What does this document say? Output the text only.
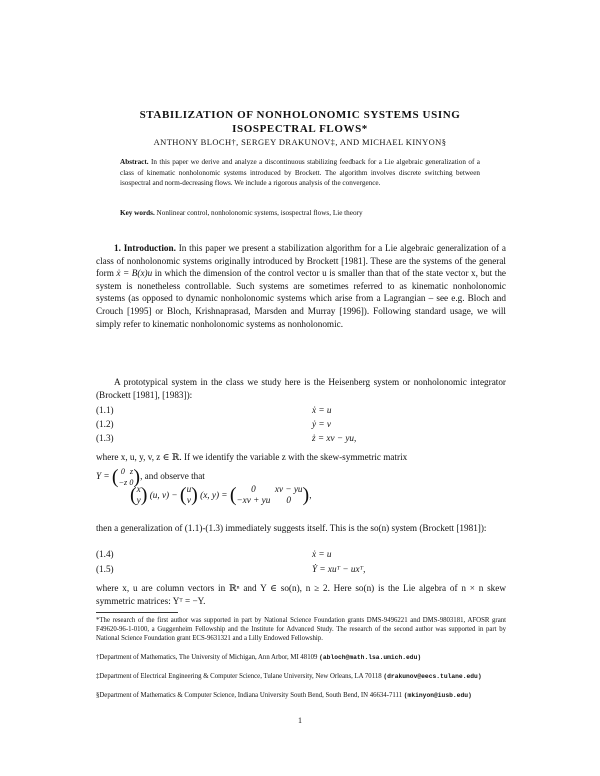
STABILIZATION OF NONHOLONOMIC SYSTEMS USING
ISOSPECTRAL FLOWS*
ANTHONY BLOCH†, SERGEY DRAKUNOV‡, AND MICHAEL KINYON§
Abstract. In this paper we derive and analyze a discontinuous stabilizing feedback for a Lie algebraic generalization of a class of kinematic nonholonomic systems introduced by Brockett. The algorithm involves discrete switching between isospectral and norm-decreasing flows. We include a rigorous analysis of the convergence.
Key words. Nonlinear control, nonholonomic systems, isospectral flows, Lie theory
1. Introduction. In this paper we present a stabilization algorithm for a Lie algebraic generalization of a class of nonholonomic systems originally introduced by Brockett [1981]. These are the systems of the general form ẋ = B(x)u in which the dimension of the control vector u is smaller than that of the state vector x, but the system is nonetheless controllable. Such systems are sometimes referred to as kinematic nonholonomic systems (as opposed to dynamic nonholonomic systems which arise from a Lagrangian – see e.g. Bloch and Crouch [1995] or Bloch, Krishnaprasad, Marsden and Murray [1996]). Following standard usage, we will simply refer to kinematic nonholonomic systems as nonholonomic.
A prototypical system in the class we study here is the Heisenberg system or nonholonomic integrator (Brockett [1981], [1983]):
(1.1)	ẋ = u
(1.2)	ẏ = v
(1.3)	ż = xv − yu,
where x, u, y, v, z ∈ ℝ. If we identify the variable z with the skew-symmetric matrix
Y = ( 0
−z z
0), and observe that
(x
y) (u, v) − (u
v) (x, y) = ( 0
−xv + yu  xv − yu
0 ),
then a generalization of (1.1)-(1.3) immediately suggests itself. This is the so(n) system (Brockett [1981]):
(1.4)	ẋ = u
(1.5)	Ẏ = xuᵀ − uxᵀ,
where x, u are column vectors in ℝⁿ and Y ∈ so(n), n ≥ 2. Here so(n) is the Lie algebra of n × n skew symmetric matrices: Yᵀ = −Y.
*The research of the first author was supported in part by National Science Foundation grants DMS-9496221 and DMS-9803181, AFOSR grant F49620-96-1-0100, a Guggenheim Fellowship and the Institute for Advanced Study. The research of the second author was supported in part by National Science Foundation grant ECS-9631321 and a Lilly Endowed Fellowship.
†Department of Mathematics, The University of Michigan, Ann Arbor, MI 48109 (abloch@math.lsa.umich.edu)
‡Department of Electrical Engineering & Computer Science, Tulane University, New Orleans, LA 70118 (drakunov@eecs.tulane.edu)
§Department of Mathematics & Computer Science, Indiana University South Bend, South Bend, IN 46634-7111 (mkinyon@iusb.edu)
1
